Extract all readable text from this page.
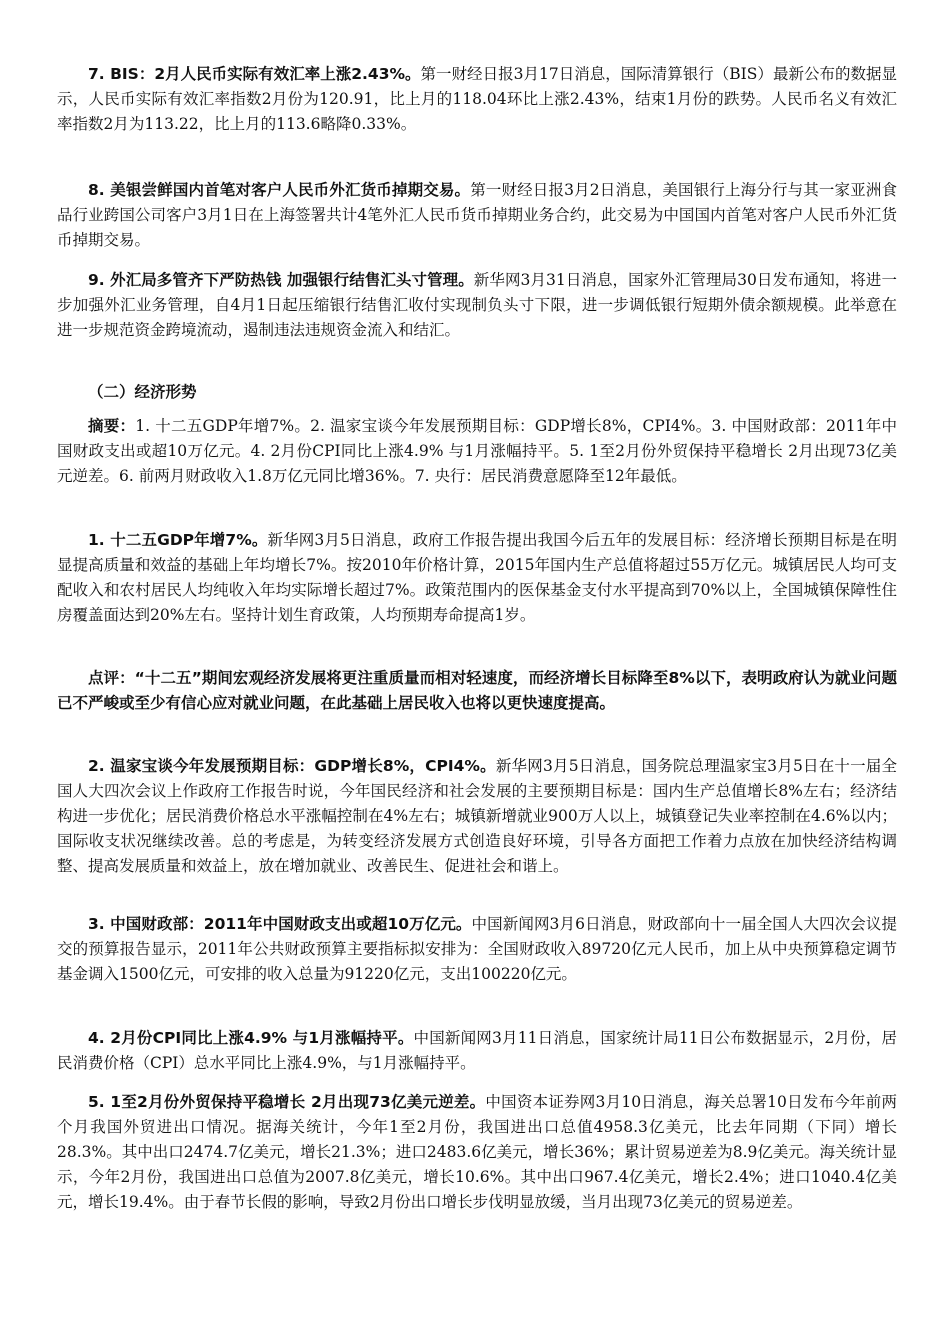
7. BIS：2月人民币实际有效汇率上涨2.43%。第一财经日报3月17日消息，国际清算银行（BIS）最新公布的数据显示，人民币实际有效汇率指数2月份为120.91，比上月的118.04环比上涨2.43%，结束1月份的跌势。人民币名义有效汇率指数2月为113.22，比上月的113.6略降0.33%。

8. 美银尝鲜国内首笔对客户人民币外汇货币掉期交易。第一财经日报3月2日消息，美国银行上海分行与其一家亚洲食品行业跨国公司客户3月1日在上海签署共计4笔外汇人民币货币掉期业务合约，此交易为中国国内首笔对客户人民币外汇货币掉期交易。

9. 外汇局多管齐下严防热钱 加强银行结售汇头寸管理。新华网3月31日消息，国家外汇管理局30日发布通知，将进一步加强外汇业务管理，自4月1日起压缩银行结售汇收付实现制负头寸下限，进一步调低银行短期外债余额规模。此举意在进一步规范资金跨境流动，遏制违法违规资金流入和结汇。

（二）经济形势

摘要：1. 十二五GDP年增7%。2. 温家宝谈今年发展预期目标：GDP增长8%，CPI4%。3. 中国财政部：2011年中国财政支出或超10万亿元。4. 2月份CPI同比上涨4.9% 与1月涨幅持平。5. 1至2月份外贸保持平稳增长 2月出现73亿美元逆差。6. 前两月财政收入1.8万亿元同比增36%。7. 央行：居民消费意愿降至12年最低。

1. 十二五GDP年增7%。新华网3月5日消息，政府工作报告提出我国今后五年的发展目标：经济增长预期目标是在明显提高质量和效益的基础上年均增长7%。按2010年价格计算，2015年国内生产总值将超过55万亿元。城镇居民人均可支配收入和农村居民人均纯收入年均实际增长超过7%。政策范围内的医保基金支付水平提高到70%以上，全国城镇保障性住房覆盖面达到20%左右。坚持计划生育政策，人均预期寿命提高1岁。

点评：“十二五”期间宏观经济发展将更注重质量而相对轻速度，而经济增长目标降至8%以下，表明政府认为就业问题已不严峻或至少有信心应对就业问题，在此基础上居民收入也将以更快速度提高。

2. 温家宝谈今年发展预期目标：GDP增长8%，CPI4%。新华网3月5日消息，国务院总理温家宝3月5日在十一届全国人大四次会议上作政府工作报告时说，今年国民经济和社会发展的主要预期目标是：国内生产总值增长8%左右；经济结构进一步优化；居民消费价格总水平涨幅控制在4%左右；城镇新增就业900万人以上，城镇登记失业率控制在4.6%以内；国际收支状况继续改善。总的考虑是，为转变经济发展方式创造良好环境，引导各方面把工作着力点放在加快经济结构调整、提高发展质量和效益上，放在增加就业、改善民生、促进社会和谐上。

3. 中国财政部：2011年中国财政支出或超10万亿元。中国新闻网3月6日消息，财政部向十一届全国人大四次会议提交的预算报告显示，2011年公共财政预算主要指标拟安排为：全国财政收入89720亿元人民币，加上从中央预算稳定调节基金调入1500亿元，可安排的收入总量为91220亿元，支出100220亿元。

4. 2月份CPI同比上涨4.9% 与1月涨幅持平。中国新闻网3月11日消息，国家统计局11日公布数据显示，2月份，居民消费价格（CPI）总水平同比上涨4.9%，与1月涨幅持平。

5. 1至2月份外贸保持平稳增长 2月出现73亿美元逆差。中国资本证券网3月10日消息，海关总署10日发布今年前两个月我国外贸进出口情况。据海关统计，今年1至2月份，我国进出口总值4958.3亿美元，比去年同期（下同）增长28.3%。其中出口2474.7亿美元，增长21.3%；进口2483.6亿美元，增长36%；累计贸易逆差为8.9亿美元。海关统计显示，今年2月份，我国进出口总值为2007.8亿美元，增长10.6%。其中出口967.4亿美元，增长2.4%；进口1040.4亿美元，增长19.4%。由于春节长假的影响，导致2月份出口增长步伐明显放缓，当月出现73亿美元的贸易逆差。
